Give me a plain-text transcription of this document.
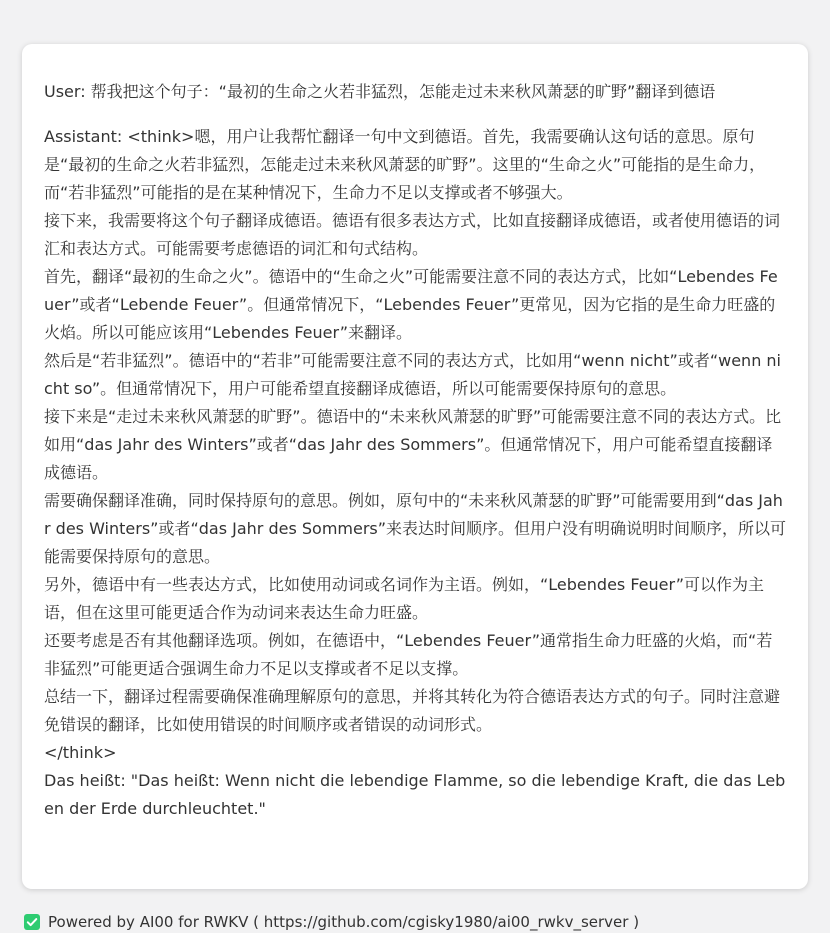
User: 帮我把这个句子：“最初的生命之火若非猛烈，怎能走过未来秋风萧瑟的旷野”翻译到德语
Assistant: <think>嗯，用户让我帮忙翻译一句中文到德语。首先，我需要确认这句话的意思。原句是“最初的生命之火若非猛烈，怎能走过未来秋风萧瑟的旷野”。这里的“生命之火”可能指的是生命力，而“若非猛烈”可能指的是在某种情况下，生命力不足以支撑或者不够强大。
接下来，我需要将这个句子翻译成德语。德语有很多表达方式，比如直接翻译成德语，或者使用德语的词汇和表达方式。可能需要考虑德语的词汇和句式结构。
首先，翻译“最初的生命之火”。德语中的“生命之火”可能需要注意不同的表达方式，比如“Lebendes Feuer”或者“Lebende Feuer”。但通常情况下，“Lebendes Feuer”更常见，因为它指的是生命力旺盛的火焰。所以可能应该用“Lebendes Feuer”来翻译。
然后是“若非猛烈”。德语中的“若非”可能需要注意不同的表达方式，比如用“wenn nicht”或者“wenn nicht so”。但通常情况下，用户可能希望直接翻译成德语，所以可能需要保持原句的意思。
接下来是“走过未来秋风萧瑟的旷野”。德语中的“未来秋风萧瑟的旷野”可能需要注意不同的表达方式。比如用“das Jahr des Winters”或者“das Jahr des Sommers”。但通常情况下，用户可能希望直接翻译成德语。
需要确保翻译准确，同时保持原句的意思。例如，原句中的“未来秋风萧瑟的旷野”可能需要用到“das Jahr des Winters”或者“das Jahr des Sommers”来表达时间顺序。但用户没有明确说明时间顺序，所以可能需要保持原句的意思。
另外，德语中有一些表达方式，比如使用动词或名词作为主语。例如，“Lebendes Feuer”可以作为主语，但在这里可能更适合作为动词来表达生命力旺盛。
还要考虑是否有其他翻译选项。例如，在德语中，“Lebendes Feuer”通常指生命力旺盛的火焰，而“若非猛烈”可能更适合强调生命力不足以支撑或者不足以支撑。
总结一下，翻译过程需要确保准确理解原句的意思，并将其转化为符合德语表达方式的句子。同时注意避免错误的翻译，比如使用错误的时间顺序或者错误的动词形式。
</think>
Das heißt: "Das heißt: Wenn nicht die lebendige Flamme, so die lebendige Kraft, die das Leben der Erde durchleuchtet."
Powered by AI00 for RWKV ( https://github.com/cgisky1980/ai00_rwkv_server )
